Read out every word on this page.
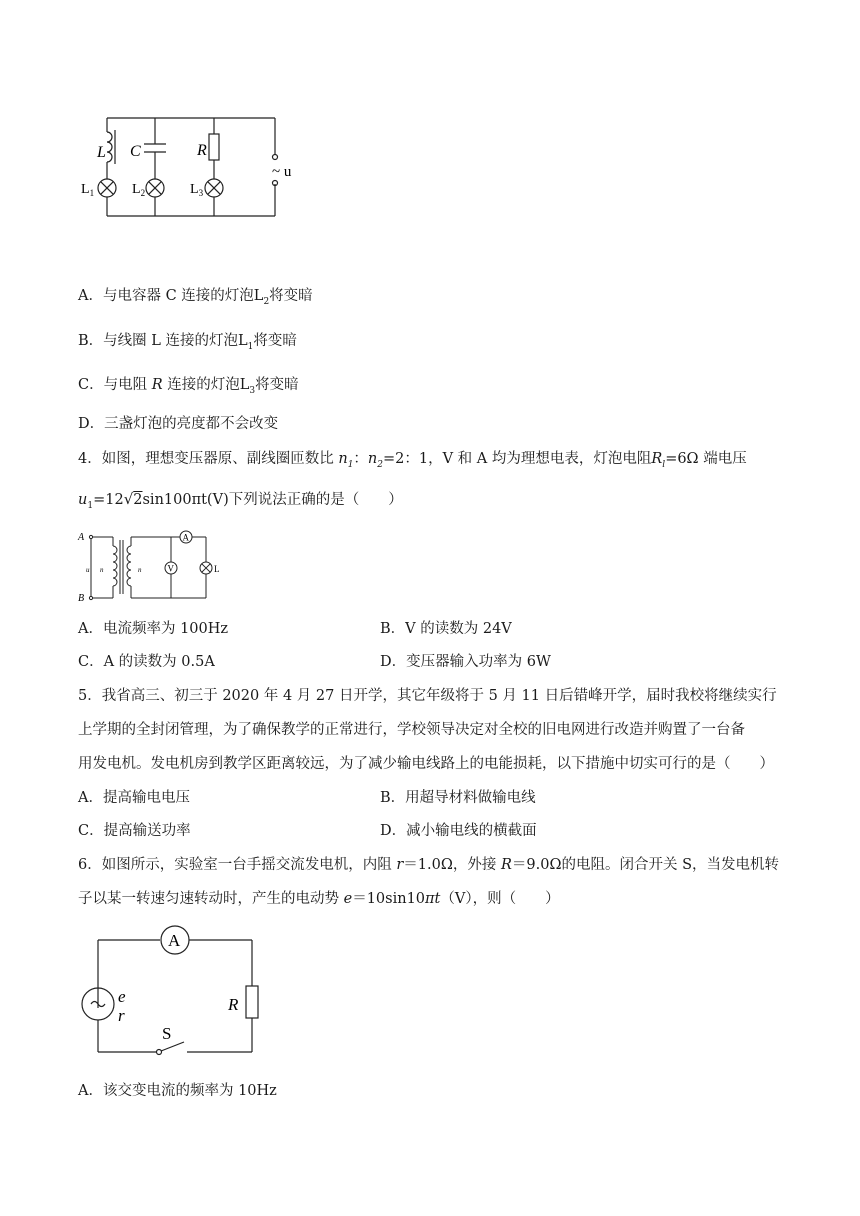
L C	R
~ u
$L_1$	$L_2$	$L_3$
A．与电容器 C 连接的灯泡$L_2$将变暗
B．与线圈 L 连接的灯泡$L_1$将变暗
C．与电阻 R 连接的灯泡$L_3$将变暗
D．三盏灯泡的亮度都不会改变
4．如图，理想变压器原、副线圈匝数比 $n_1$：$n_2=2$：1，V 和 A 均为理想电表，灯泡电阻$R_l=6\Omega$ 端电压
$u_1=12√2\sin 100\pi t(V)$下列说法正确的是（　　）
A
B
u n	n	V
A
L
A．电流频率为 100Hz	B．V 的读数为 24V
C．A 的读数为 0.5A	D．变压器输入功率为 6W
5．我省高三、初三于 2020 年 4 月 27 日开学，其它年级将于 5 月 11 日后错峰开学，届时我校将继续实行
上学期的全封闭管理，为了确保教学的正常进行，学校领导决定对全校的旧电网进行改造并购置了一台备
用发电机。发电机房到教学区距离较远，为了减少输电线路上的电能损耗，以下措施中切实可行的是（　　）
A．提高输电电压	B．用超导材料做输电线
C．提高输送功率	D．减小输电线的横截面
6．如图所示，实验室一台手摇交流发电机，内阻 r＝1.0Ω，外接 R＝9.0Ω的电阻。闭合开关 S，当发电机转
子以某一转速匀速转动时，产生的电动势 e＝10sin10πt（V），则（　　）
A
e
r
R
S
A．该交变电流的频率为 10Hz
